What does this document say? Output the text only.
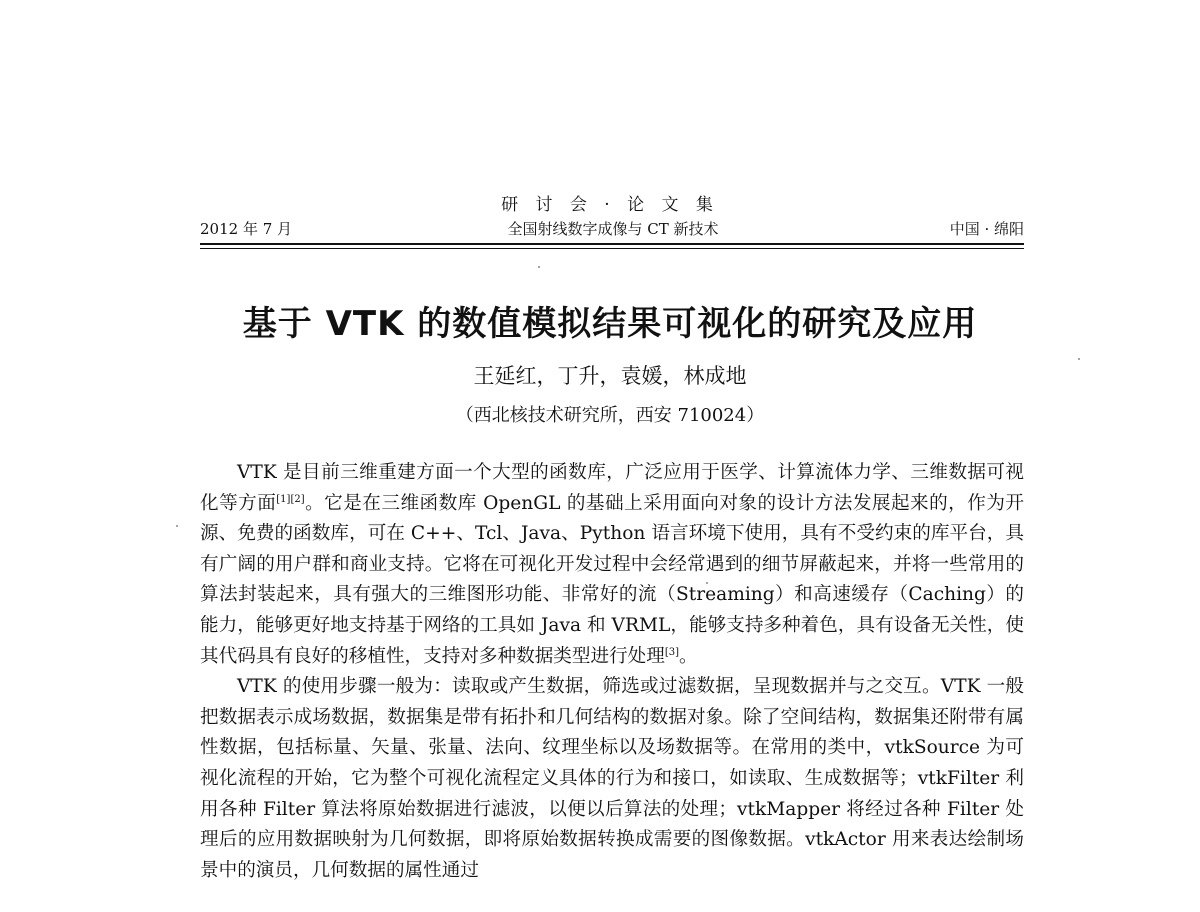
研 讨 会 · 论 文 集
2012 年 7 月	全国射线数字成像与 CT 新技术	中国 · 绵阳
基于 VTK 的数值模拟结果可视化的研究及应用
王延红，丁升，袁媛，林成地
（西北核技术研究所，西安 710024）

VTK 是目前三维重建方面一个大型的函数库，广泛应用于医学、计算流体力学、三维数据可视化等方面[1][2]。它是在三维函数库 OpenGL 的基础上采用面向对象的设计方法发展起来的，作为开源、免费的函数库，可在 C++、Tcl、Java、Python 语言环境下使用，具有不受约束的库平台，具有广阔的用户群和商业支持。它将在可视化开发过程中会经常遇到的细节屏蔽起来，并将一些常用的算法封装起来，具有强大的三维图形功能、非常好的流（Streaming）和高速缓存（Caching）的能力，能够更好地支持基于网络的工具如 Java 和 VRML，能够支持多种着色，具有设备无关性，使其代码具有良好的移植性，支持对多种数据类型进行处理[3]。

VTK 的使用步骤一般为：读取或产生数据，筛选或过滤数据，呈现数据并与之交互。VTK 一般把数据表示成场数据，数据集是带有拓扑和几何结构的数据对象。除了空间结构，数据集还附带有属性数据，包括标量、矢量、张量、法向、纹理坐标以及场数据等。在常用的类中，vtkSource 为可视化流程的开始，它为整个可视化流程定义具体的行为和接口，如读取、生成数据等；vtkFilter 利用各种 Filter 算法将原始数据进行滤波，以便以后算法的处理；vtkMapper 将经过各种 Filter 处理后的应用数据映射为几何数据，即将原始数据转换成需要的图像数据。vtkActor 用来表达绘制场景中的演员，几何数据的属性通过
